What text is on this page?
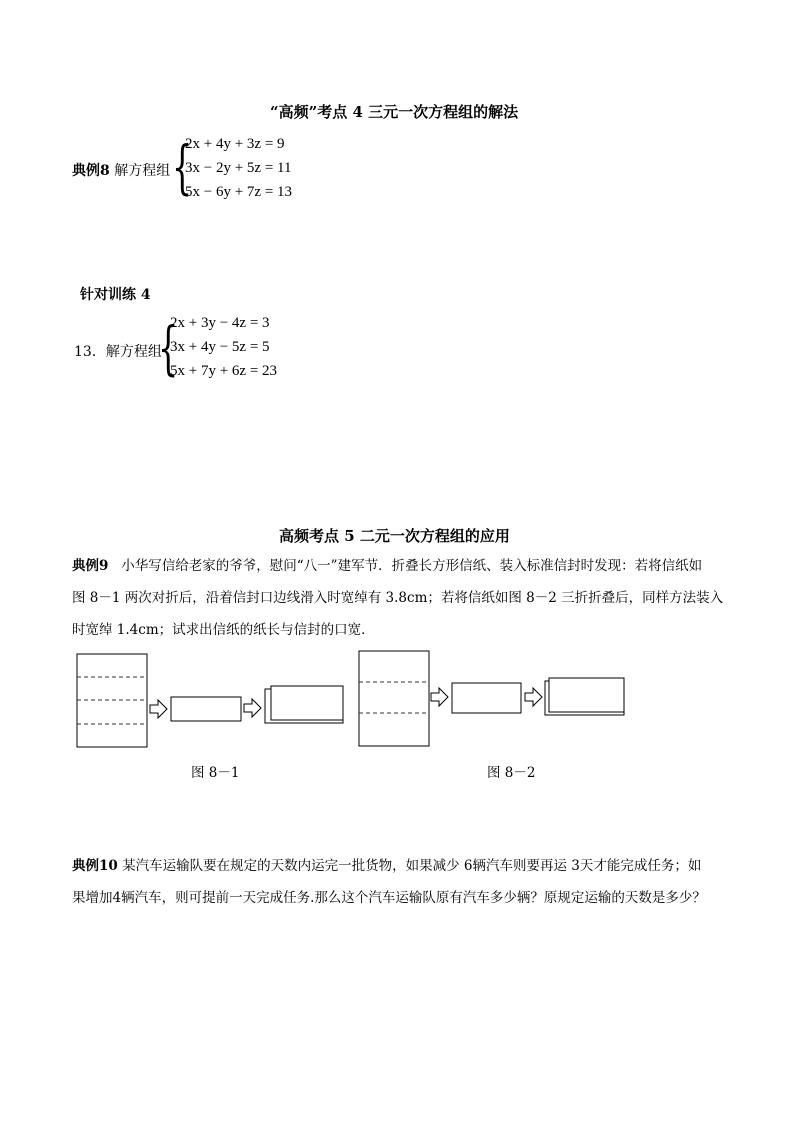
“高频”考点 4 三元一次方程组的解法
典例8 解方程组 {
2x + 4y + 3z = 9
3x − 2y + 5z = 11
5x − 6y + 7z = 13
针对训练 4
13．解方程组
{
2x + 3y − 4z = 3
3x + 4y − 5z = 5
5x + 7y + 6z = 23
高频考点 5 二元一次方程组的应用
典例9 小华写信给老家的爷爷，慰问“八一”建军节．折叠长方形信纸、装入标准信封时发现：若将信纸如
图 8－1 两次对折后，沿着信封口边线滑入时宽绰有 3.8cm；若将信纸如图 8－2 三折折叠后，同样方法装入
时宽绰 1.4cm；试求出信纸的纸长与信封的口宽．
图 8－1	图 8－2
典例10 某汽车运输队要在规定的天数内运完一批货物，如果减少 6辆汽车则要再运 3天才能完成任务；如
果增加4辆汽车，则可提前一天完成任务.那么这个汽车运输队原有汽车多少辆？原规定运输的天数是多少？
